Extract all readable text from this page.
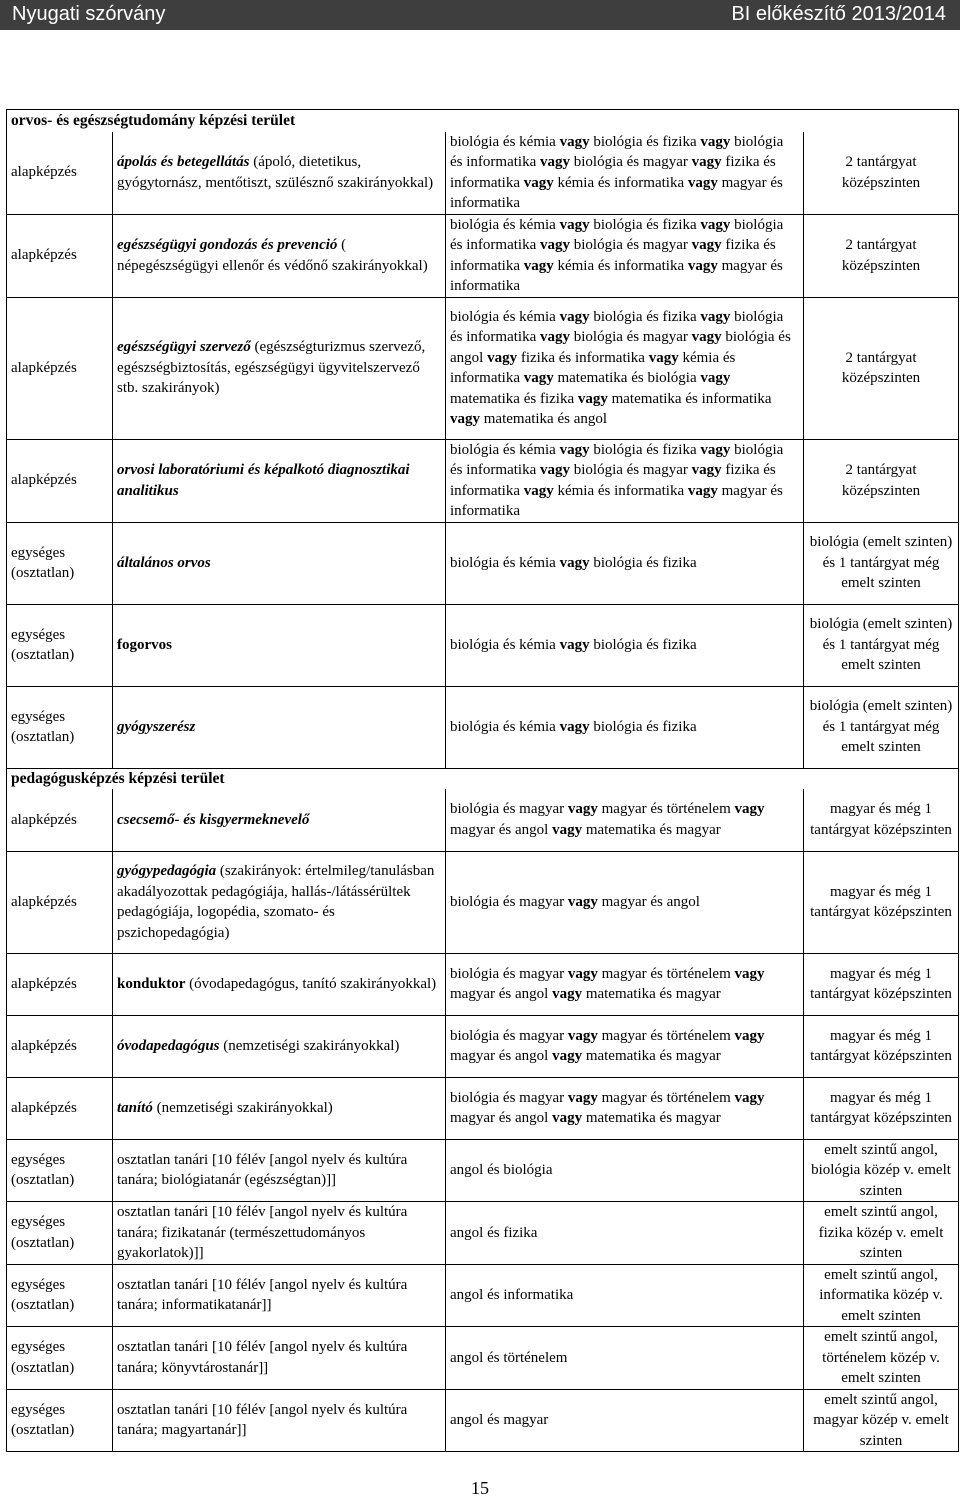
Nyugati szórvány	BI előkészítő 2013/2014
orvos- és egészségtudomány képzési terület			
alapképzés	ápolás és betegellátás (ápoló, dietetikus, gyógytornász, mentőtiszt, szülésznő szakirányokkal)	biológia és kémia vagy biológia és fizika vagy biológia és informatika vagy biológia és magyar vagy fizika és informatika vagy kémia és informatika vagy magyar és informatika	2 tantárgyat középszinten
alapképzés	egészségügyi gondozás és prevenció ( népegészségügyi ellenőr és védőnő szakirányokkal)	biológia és kémia vagy biológia és fizika vagy biológia és informatika vagy biológia és magyar vagy fizika és informatika vagy kémia és informatika vagy magyar és informatika	2 tantárgyat középszinten
alapképzés	egészségügyi szervező (egészségturizmus szervező, egészségbiztosítás, egészségügyi ügyvitelszervező stb. szakirányok)	biológia és kémia vagy biológia és fizika vagy biológia és informatika vagy biológia és magyar vagy biológia és angol vagy fizika és informatika vagy kémia és informatika vagy matematika és biológia vagy matematika és fizika vagy matematika és informatika vagy matematika és angol	2 tantárgyat középszinten
alapképzés	orvosi laboratóriumi és képalkotó diagnosztikai analitikus	biológia és kémia vagy biológia és fizika vagy biológia és informatika vagy biológia és magyar vagy fizika és informatika vagy kémia és informatika vagy magyar és informatika	2 tantárgyat középszinten
egységes (osztatlan)	általános orvos	biológia és kémia vagy biológia és fizika	biológia (emelt szinten) és 1 tantárgyat még emelt szinten
egységes (osztatlan)	fogorvos	biológia és kémia vagy biológia és fizika	biológia (emelt szinten) és 1 tantárgyat még emelt szinten
egységes (osztatlan)	gyógyszerész	biológia és kémia vagy biológia és fizika	biológia (emelt szinten) és 1 tantárgyat még emelt szinten
pedagógusképzés képzési terület			
alapképzés	csecsemő- és kisgyermeknevelő	biológia és magyar vagy magyar és történelem vagy magyar és angol vagy matematika és magyar	magyar és még 1 tantárgyat középszinten
alapképzés	gyógypedagógia (szakirányok: értelmileg/tanulásban akadályozottak pedagógiája, hallás-/látássérültek pedagógiája, logopédia, szomato- és pszichopedagógia)	biológia és magyar vagy magyar és angol	magyar és még 1 tantárgyat középszinten
alapképzés	konduktor (óvodapedagógus, tanító szakirányokkal)	biológia és magyar vagy magyar és történelem vagy magyar és angol vagy matematika és magyar	magyar és még 1 tantárgyat középszinten
alapképzés	óvodapedagógus (nemzetiségi szakirányokkal)	biológia és magyar vagy magyar és történelem vagy magyar és angol vagy matematika és magyar	magyar és még 1 tantárgyat középszinten
alapképzés	tanító (nemzetiségi szakirányokkal)	biológia és magyar vagy magyar és történelem vagy magyar és angol vagy matematika és magyar	magyar és még 1 tantárgyat középszinten
egységes (osztatlan)	osztatlan tanári [10 félév [angol nyelv és kultúra tanára; biológiatanár (egészségtan)]]	angol és biológia	emelt szintű angol, biológia közép v. emelt szinten
egységes (osztatlan)	osztatlan tanári [10 félév [angol nyelv és kultúra tanára; fizikatanár (természettudományos gyakorlatok)]]	angol és fizika	emelt szintű angol, fizika közép v. emelt szinten
egységes (osztatlan)	osztatlan tanári [10 félév [angol nyelv és kultúra tanára; informatikatanár]]	angol és informatika	emelt szintű angol, informatika közép v. emelt szinten
egységes (osztatlan)	osztatlan tanári [10 félév [angol nyelv és kultúra tanára; könyvtárostanár]]	angol és történelem	emelt szintű angol, történelem közép v. emelt szinten
egységes (osztatlan)	osztatlan tanári [10 félév [angol nyelv és kultúra tanára; magyartanár]]	angol és magyar	emelt szintű angol, magyar közép v. emelt szinten
15
